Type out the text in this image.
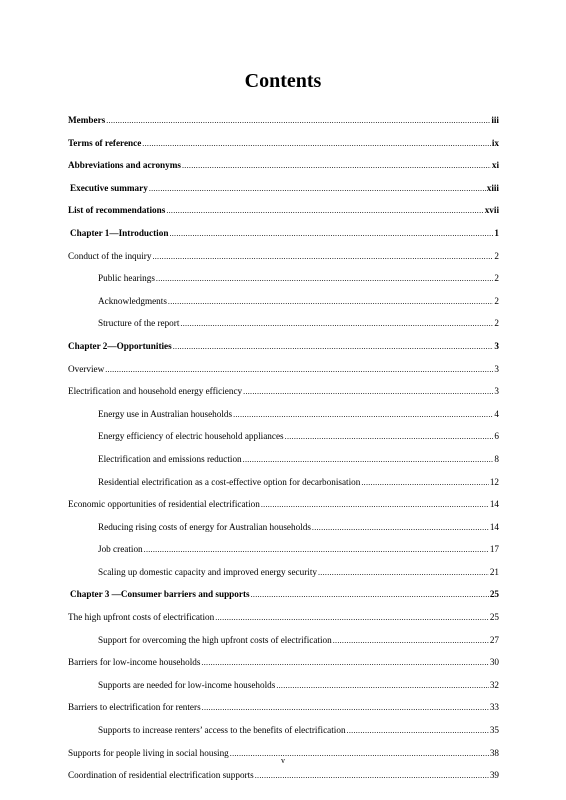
Contents
Members .....	iii
Terms of reference .....	ix
Abbreviations and acronyms .....	xi
Executive summary .....	xiii
List of recommendations .....	xvii
Chapter 1—Introduction .....	1
Conduct of the inquiry .....	2
Public hearings .....	2
Acknowledgments .....	2
Structure of the report .....	2
Chapter 2—Opportunities .....	3
Overview .....	3
Electrification and household energy efficiency .....	3
Energy use in Australian households .....	4
Energy efficiency of electric household appliances .....	6
Electrification and emissions reduction .....	8
Residential electrification as a cost-effective option for decarbonisation .....	12
Economic opportunities of residential electrification .....	14
Reducing rising costs of energy for Australian households .....	14
Job creation .....	17
Scaling up domestic capacity and improved energy security .....	21
Chapter 3 —Consumer barriers and supports .....	25
The high upfront costs of electrification .....	25
Support for overcoming the high upfront costs of electrification .....	27
Barriers for low-income households .....	30
Supports are needed for low-income households .....	32
Barriers to electrification for renters .....	33
Supports to increase renters’ access to the benefits of electrification .....	35
Supports for people living in social housing .....	38
Coordination of residential electrification supports .....	39
v
